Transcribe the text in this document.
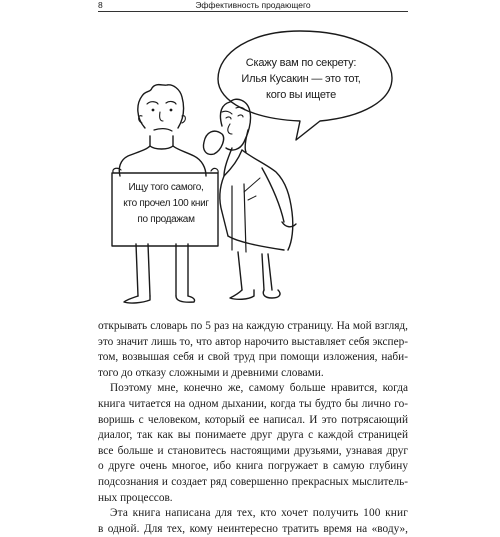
8	Эффективность продающего
Скажу вам по секрету:
Илья Кусакин — это тот,
кого вы ищете
Ищу того самого,
кто прочел 100 книг
по продажам
открывать словарь по 5 раз на каждую страницу. На мой взгляд,
это значит лишь то, что автор нарочито выставляет себя экспер-
том, возвышая себя и свой труд при помощи изложения, наби-
того до отказу сложными и древними словами.
Поэтому мне, конечно же, самому больше нравится, когда
книга читается на одном дыхании, когда ты будто бы лично го-
воришь с человеком, который ее написал. И это потрясающий
диалог, так как вы понимаете друг друга с каждой страницей
все больше и становитесь настоящими друзьями, узнавая друг
о друге очень многое, ибо книга погружает в самую глубину
подсознания и создает ряд совершенно прекрасных мыслитель-
ных процессов.
Эта книга написана для тех, кто хочет получить 100 книг
в одной. Для тех, кому неинтересно тратить время на «воду»,
